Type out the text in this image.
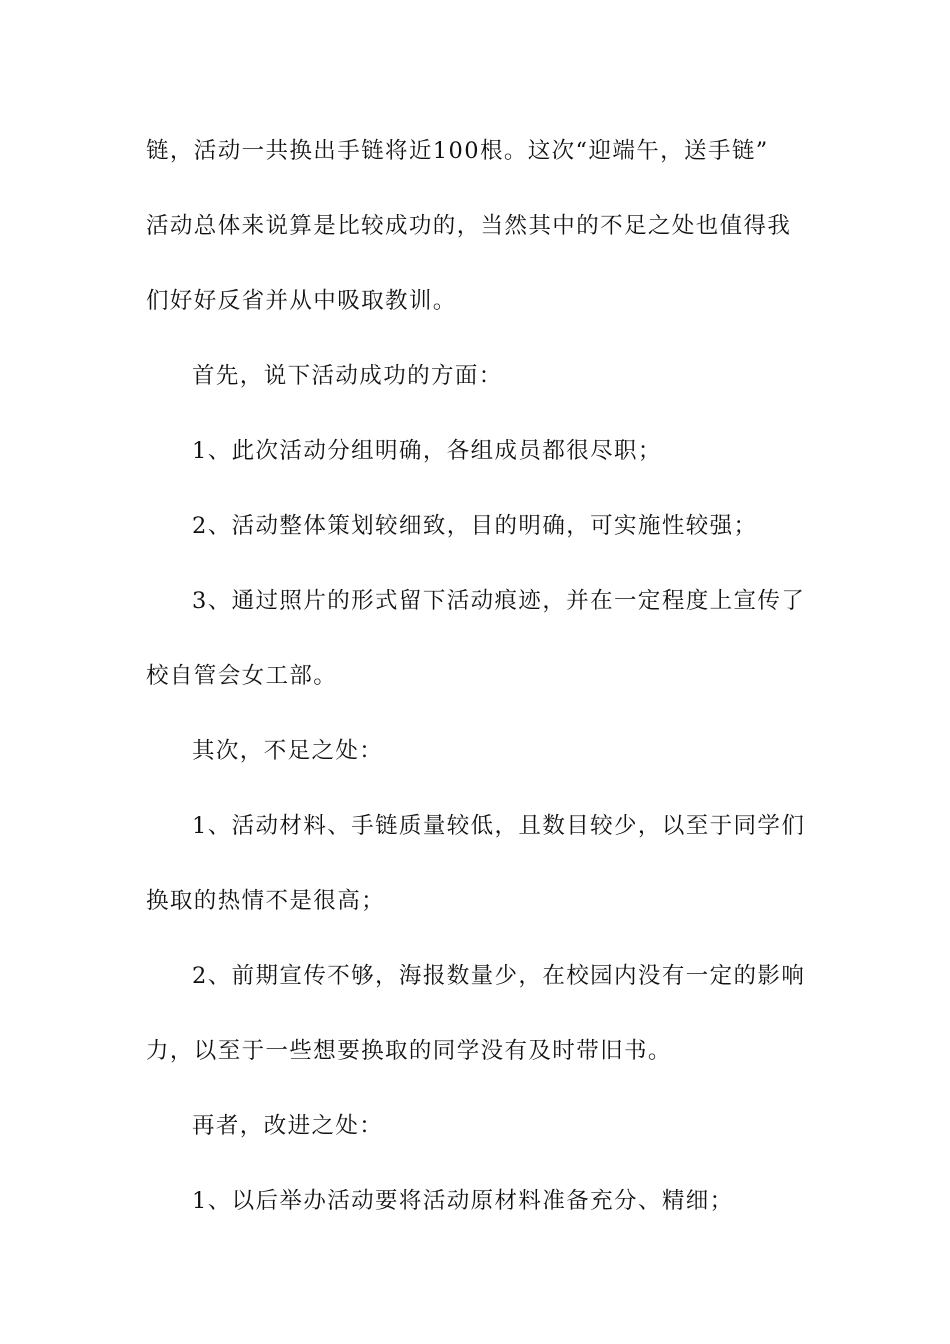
链，活动一共换出手链将近100根。这次“迎端午，送手链”
活动总体来说算是比较成功的，当然其中的不足之处也值得我
们好好反省并从中吸取教训。
首先，说下活动成功的方面：
1、此次活动分组明确，各组成员都很尽职；
2、活动整体策划较细致，目的明确，可实施性较强；
3、通过照片的形式留下活动痕迹，并在一定程度上宣传了
校自管会女工部。
其次，不足之处：
1、活动材料、手链质量较低，且数目较少，以至于同学们
换取的热情不是很高；
2、前期宣传不够，海报数量少，在校园内没有一定的影响
力，以至于一些想要换取的同学没有及时带旧书。
再者，改进之处：
1、以后举办活动要将活动原材料准备充分、精细；
